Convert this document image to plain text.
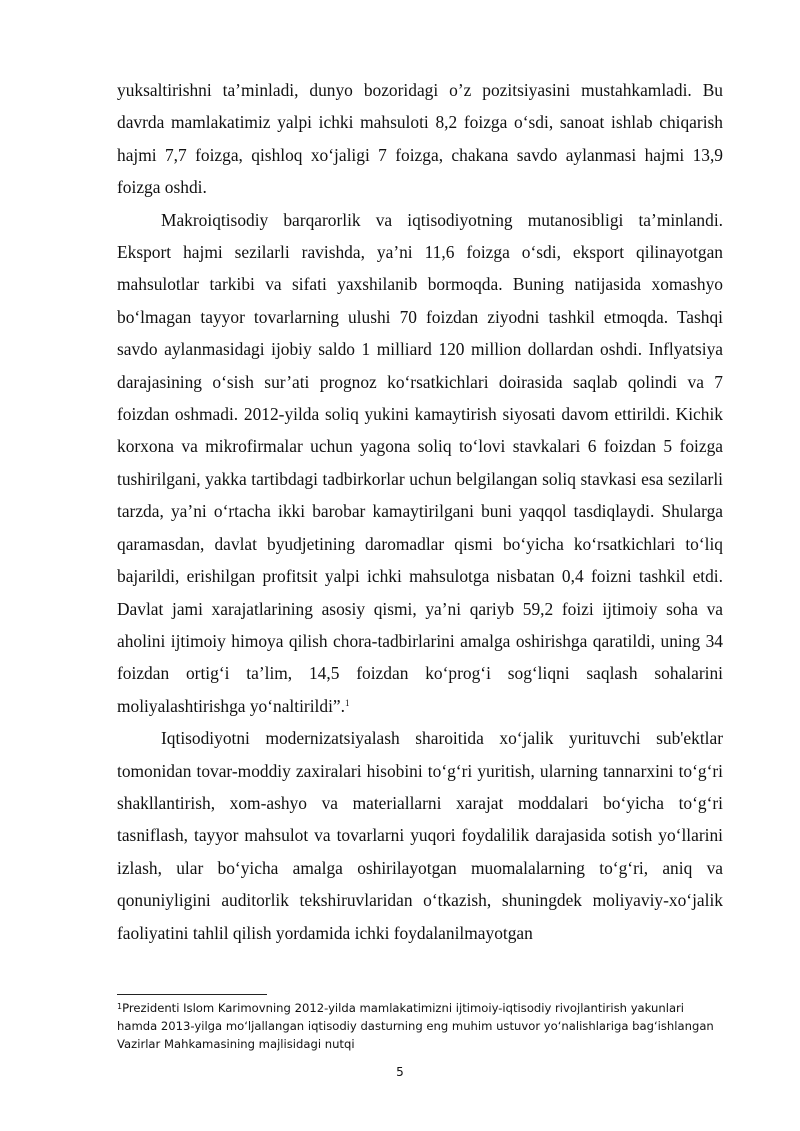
yuksaltirishni ta’minladi, dunyo bozoridagi o’z pozitsiyasini mustahkamladi. Bu davrda mamlakatimiz yalpi ichki mahsuloti 8,2 foizga o‘sdi, sanoat ishlab chiqarish hajmi 7,7 foizga, qishloq xo‘jaligi 7 foizga, chakana savdo aylanmasi hajmi 13,9 foizga oshdi.

Makroiqtisodiy barqarorlik va iqtisodiyotning mutanosibligi ta’minlandi. Eksport hajmi sezilarli ravishda, ya’ni 11,6 foizga o‘sdi, eksport qilinayotgan mahsulotlar tarkibi va sifati yaxshilanib bormoqda. Buning natijasida xomashyo bo‘lmagan tayyor tovarlarning ulushi 70 foizdan ziyodni tashkil etmoqda. Tashqi savdo aylanmasidagi ijobiy saldo 1 milliard 120 million dollardan oshdi. Inflyatsiya darajasining o‘sish sur’ati prognoz ko‘rsatkichlari doirasida saqlab qolindi va 7 foizdan oshmadi. 2012-yilda soliq yukini kamaytirish siyosati davom ettirildi. Kichik korxona va mikrofirmalar uchun yagona soliq to‘lovi stavkalari 6 foizdan 5 foizga tushirilgani, yakka tartibdagi tadbirkorlar uchun belgilangan soliq stavkasi esa sezilarli tarzda, ya’ni o‘rtacha ikki barobar kamaytirilgani buni yaqqol tasdiqlaydi. Shularga qaramasdan, davlat byudjetining daromadlar qismi bo‘yicha ko‘rsatkichlari to‘liq bajarildi, erishilgan profitsit yalpi ichki mahsulotga nisbatan 0,4 foizni tashkil etdi. Davlat jami xarajatlarining asosiy qismi, ya’ni qariyb 59,2 foizi ijtimoiy soha va aholini ijtimoiy himoya qilish chora-tadbirlarini amalga oshirishga qaratildi, uning 34 foizdan ortig‘i ta’lim, 14,5 foizdan ko‘prog‘i sog‘liqni saqlash sohalarini moliyalashtirishga yo‘naltirildi”.$^1$

Iqtisodiyotni modernizatsiyalash sharoitida xo‘jalik yurituvchi sub'ektlar tomonidan tovar-moddiy zaxiralari hisobini to‘g‘ri yuritish, ularning tannarxini to‘g‘ri shakllantirish, xom-ashyo va materiallarni xarajat moddalari bo‘yicha to‘g‘ri tasniflash, tayyor mahsulot va tovarlarni yuqori foydalilik darajasida sotish yo‘llarini izlash, ular bo‘yicha amalga oshirilayotgan muomalalarning to‘g‘ri, aniq va qonuniyligini auditorlik tekshiruvlaridan o‘tkazish, shuningdek moliyaviy-xo‘jalik faoliyatini tahlil qilish yordamida ichki foydalanilmayotgan

$^1$Prezidenti Islom Karimovning 2012-yilda mamlakatimizni ijtimoiy-iqtisodiy rivojlantirish yakunlari hamda 2013-yilga mo‘ljallangan iqtisodiy dasturning eng muhim ustuvor yo‘nalishlariga bag‘ishlangan Vazirlar Mahkamasining majlisidagi nutqi

5
